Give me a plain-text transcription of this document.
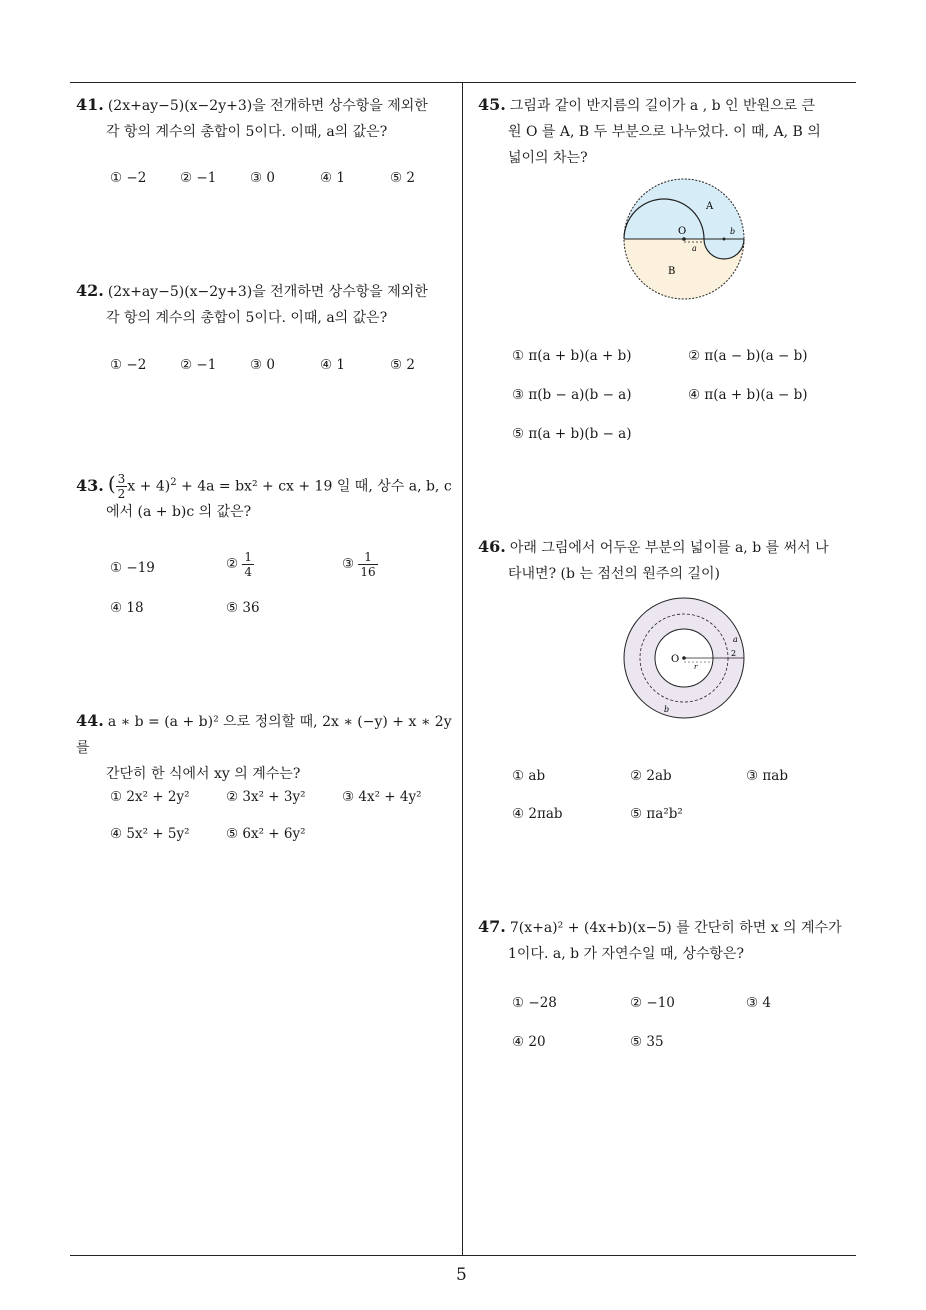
41. (2x+ay−5)(x−2y+3)을 전개하면 상수항을 제외한
각 항의 계수의 총합이 5이다. 이때, a의 값은?
① −2 ② −1 ③ 0	④ 1	⑤ 2
42. (2x+ay−5)(x−2y+3)을 전개하면 상수항을 제외한
각 항의 계수의 총합이 5이다. 이때, a의 값은?
① −2 ② −1 ③ 0	④ 1	⑤ 2
43. ( $\frac{3}{2}$ x + 4)$^2$ + 4a = bx² + cx + 19 일 때, 상수 a, b, c
에서 (a + b)c 의 값은?
① −19	② $\frac{1}{4}$	③ $\frac{1}{16}$
④ 18	⑤ 36
44. a ∗ b = (a + b)² 으로 정의할 때, 2x ∗ (−y) + x ∗ 2y 를
간단히 한 식에서 xy 의 계수는?
① 2x² + 2y²	② 3x² + 3y²	③ 4x² + 4y²
④ 5x² + 5y²	⑤ 6x² + 6y²
45. 그림과 같이 반지름의 길이가 a , b 인 반원으로 큰
원 O 를 A, B 두 부분으로 나누었다. 이 때, A, B 의
넓이의 차는?
A
B
O
a
b
① π(a + b)(a + b)	② π(a − b)(a − b)
③ π(b − a)(b − a)	④ π(a + b)(a − b)
⑤ π(a + b)(b − a)
46. 아래 그림에서 어두운 부분의 넓이를 a, b 를 써서 나
타내면? (b 는 점선의 원주의 길이)
O
a
2
r
b
① ab	② 2ab	③ πab
④ 2πab	⑤ πa²b²
47. 7(x+a)² + (4x+b)(x−5) 를 간단히 하면 x 의 계수가
1이다. a, b 가 자연수일 때, 상수항은?
① −28	② −10	③ 4
④ 20	⑤ 35
5
